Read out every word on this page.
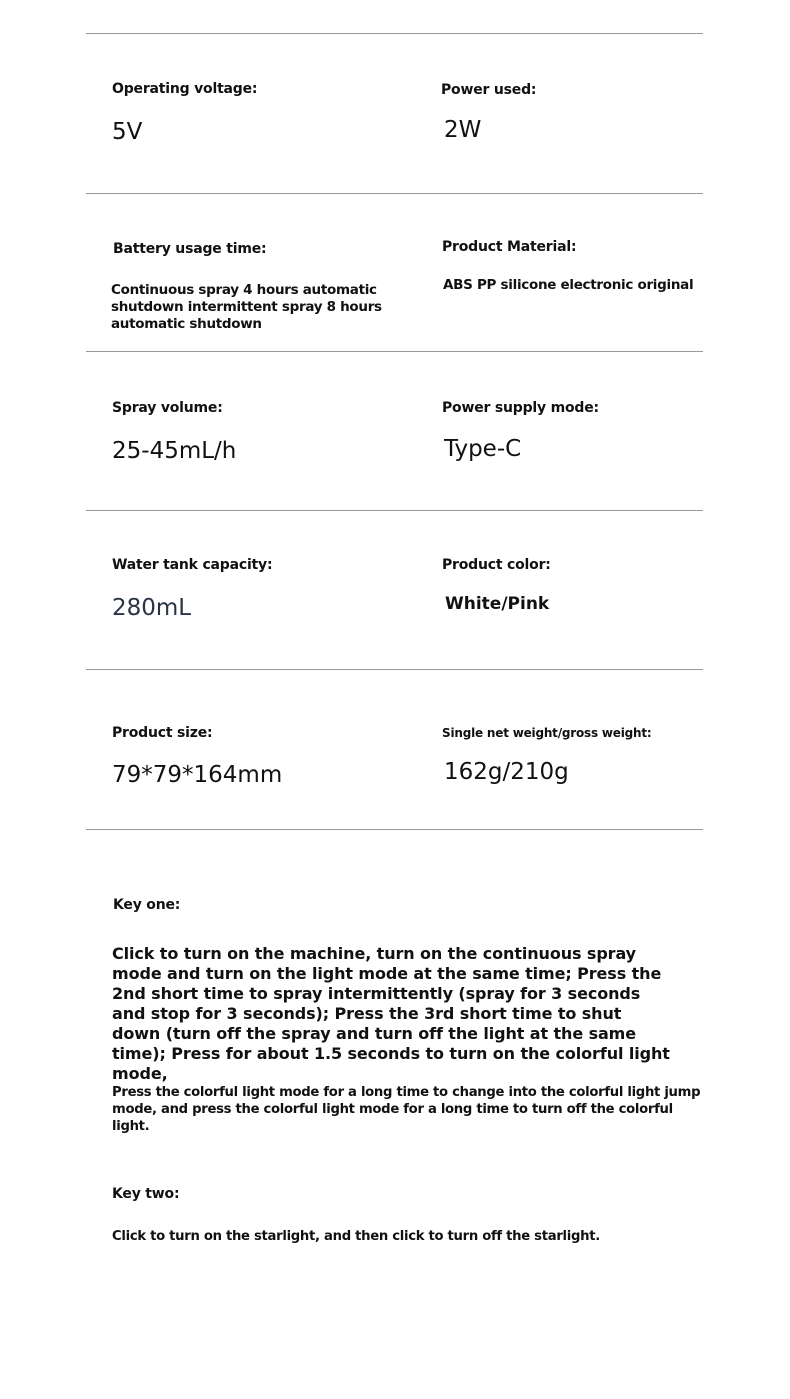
Operating voltage:

5V

Power used:

2W

Battery usage time:

Continuous spray 4 hours automatic shutdown intermittent spray 8 hours automatic shutdown

Product Material:

ABS PP silicone electronic original

Spray volume:

25-45mL/h

Power supply mode:

Type-C

Water tank capacity:

280mL

Product color:

White/Pink

Product size:

79*79*164mm

Single net weight/gross weight:

162g/210g

Key one:

Click to turn on the machine, turn on the continuous spray mode and turn on the light mode at the same time; Press the 2nd short time to spray intermittently (spray for 3 seconds and stop for 3 seconds); Press the 3rd short time to shut down (turn off the spray and turn off the light at the same time); Press for about 1.5 seconds to turn on the colorful light mode,

Press the colorful light mode for a long time to change into the colorful light jump mode, and press the colorful light mode for a long time to turn off the colorful light.

Key two:

Click to turn on the starlight, and then click to turn off the starlight.
